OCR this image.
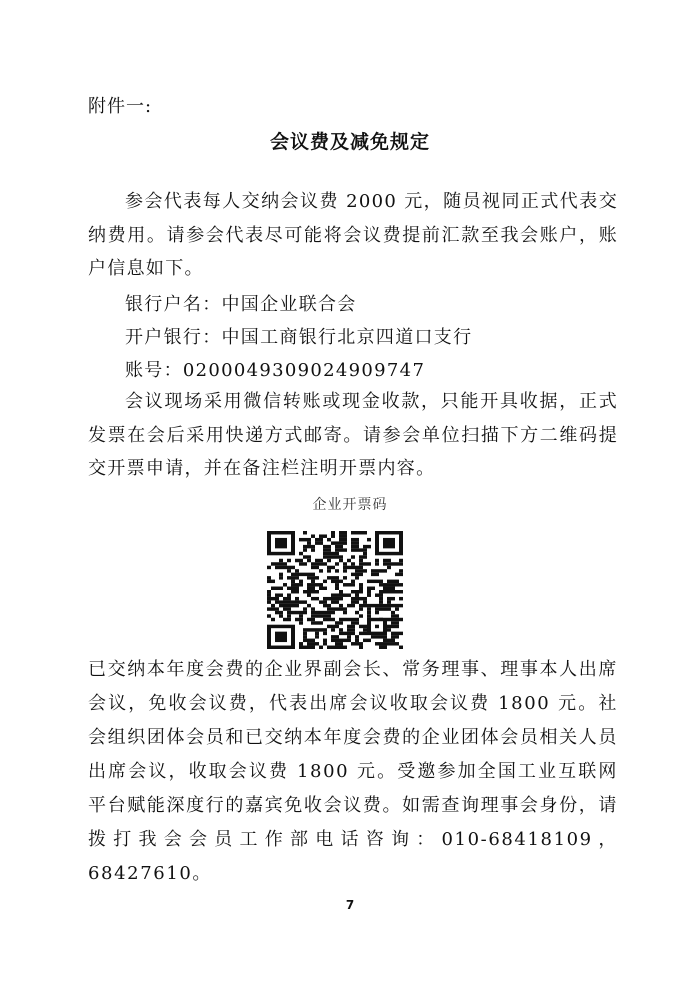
附件一:
会议费及减免规定

参会代表每人交纳会议费 2000 元，随员视同正式代表交纳费用。请参会代表尽可能将会议费提前汇款至我会账户，账户信息如下。

银行户名：中国企业联合会
开户银行：中国工商银行北京四道口支行
账号：0200049309024909747

会议现场采用微信转账或现金收款，只能开具收据，正式发票在会后采用快递方式邮寄。请参会单位扫描下方二维码提交开票申请，并在备注栏注明开票内容。

企业开票码

已交纳本年度会费的企业界副会长、常务理事、理事本人出席会议，免收会议费，代表出席会议收取会议费 1800 元。社会组织团体会员和已交纳本年度会费的企业团体会员相关人员出席会议，收取会议费 1800 元。受邀参加全国工业互联网平台赋能深度行的嘉宾免收会议费。如需查询理事会身份，请拨打我会会员工作部电话咨询：010-68418109，68427610。

7
